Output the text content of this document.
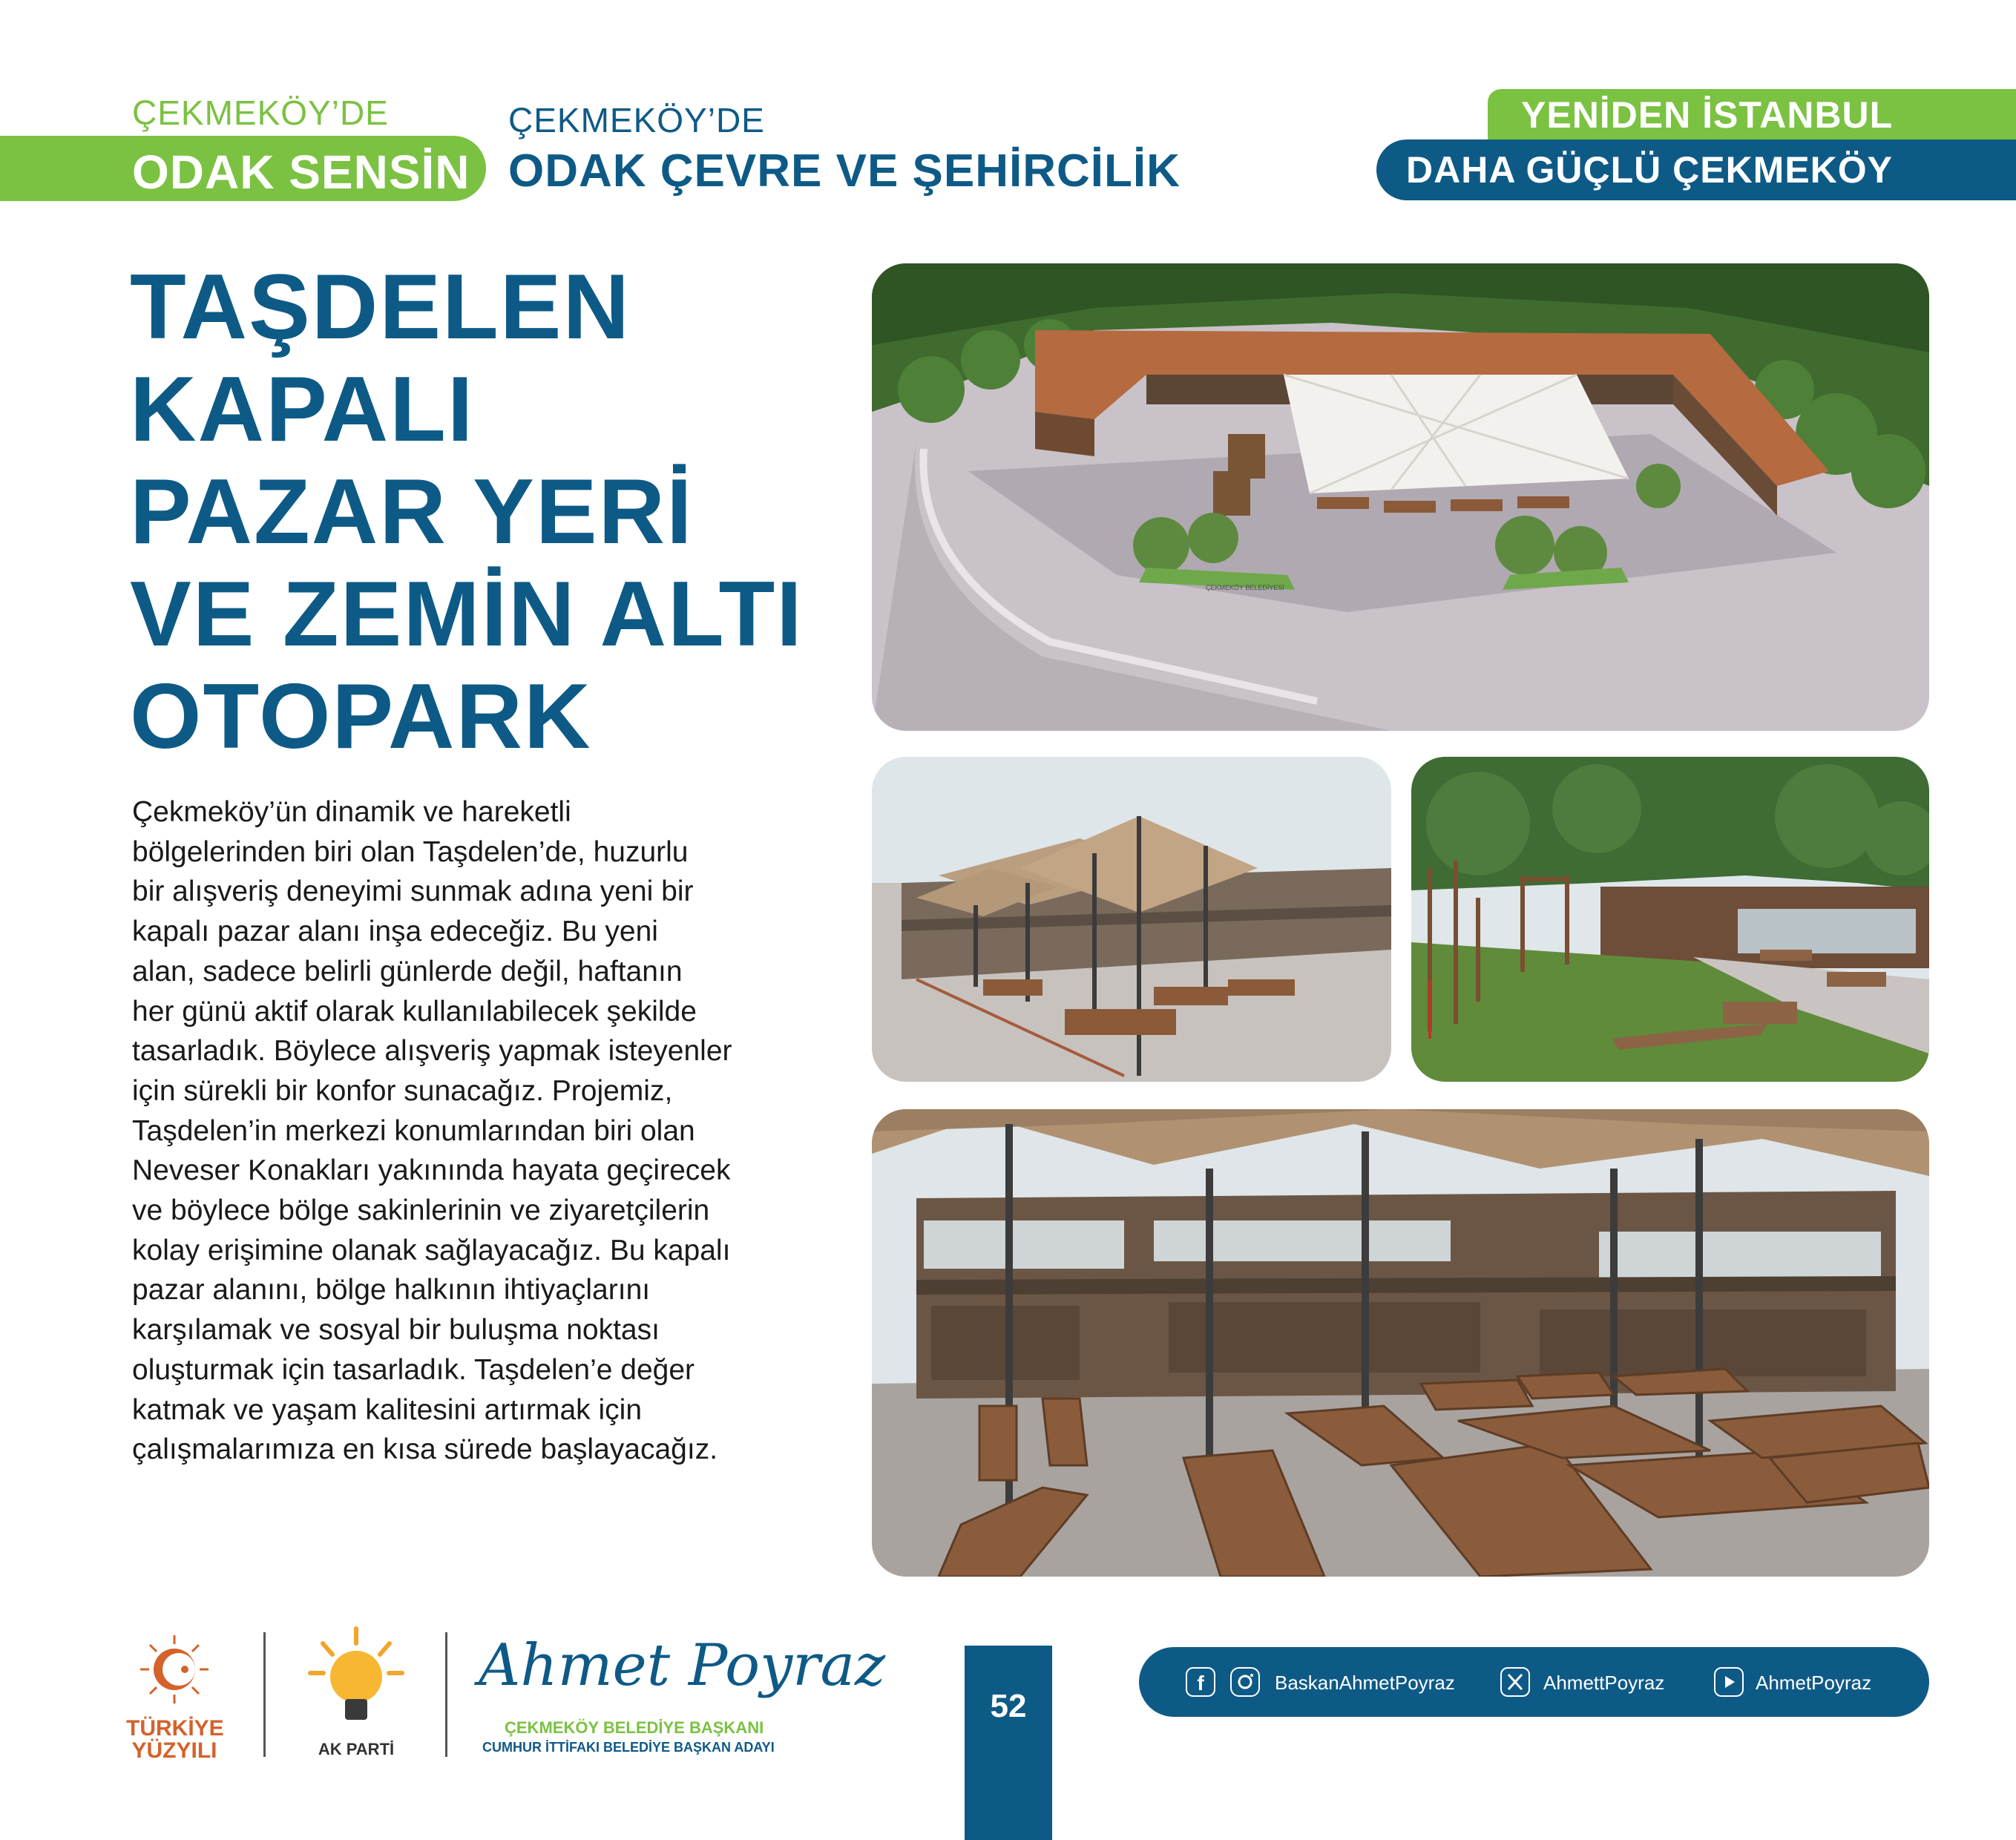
ÇEKMEKÖY’DE
ODAK SENSİN
ÇEKMEKÖY’DE
ODAK ÇEVRE VE ŞEHİRCİLİK
YENİDEN İSTANBUL
DAHA GÜÇLÜ ÇEKMEKÖY
TAŞDELEN
KAPALI
PAZAR YERİ
VE ZEMİN ALTI
OTOPARK
Çekmeköy’ün dinamik ve hareketli
bölgelerinden biri olan Taşdelen’de, huzurlu
bir alışveriş deneyimi sunmak adına yeni bir
kapalı pazar alanı inşa edeceğiz. Bu yeni
alan, sadece belirli günlerde değil, haftanın
her günü aktif olarak kullanılabilecek şekilde
tasarladık. Böylece alışveriş yapmak isteyenler
için sürekli bir konfor sunacağız. Projemiz,
Taşdelen’in merkezi konumlarından biri olan
Neveser Konakları yakınında hayata geçirecek
ve böylece bölge sakinlerinin ve ziyaretçilerin
kolay erişimine olanak sağlayacağız. Bu kapalı
pazar alanını, bölge halkının ihtiyaçlarını
karşılamak ve sosyal bir buluşma noktası
oluşturmak için tasarladık. Taşdelen’e değer
katmak ve yaşam kalitesini artırmak için
çalışmalarımıza en kısa sürede başlayacağız.
ÇEKMEKÖY BELEDİYESİ
TÜRKİYE
YÜZYILI	AK PARTİ
Ahmet Poyraz
ÇEKMEKÖY BELEDİYE BAŞKANI
CUMHUR İTTİFAKI BELEDİYE BAŞKAN ADAYI
52
f	BaskanAhmetPoyraz	AhmettPoyraz	AhmetPoyraz
